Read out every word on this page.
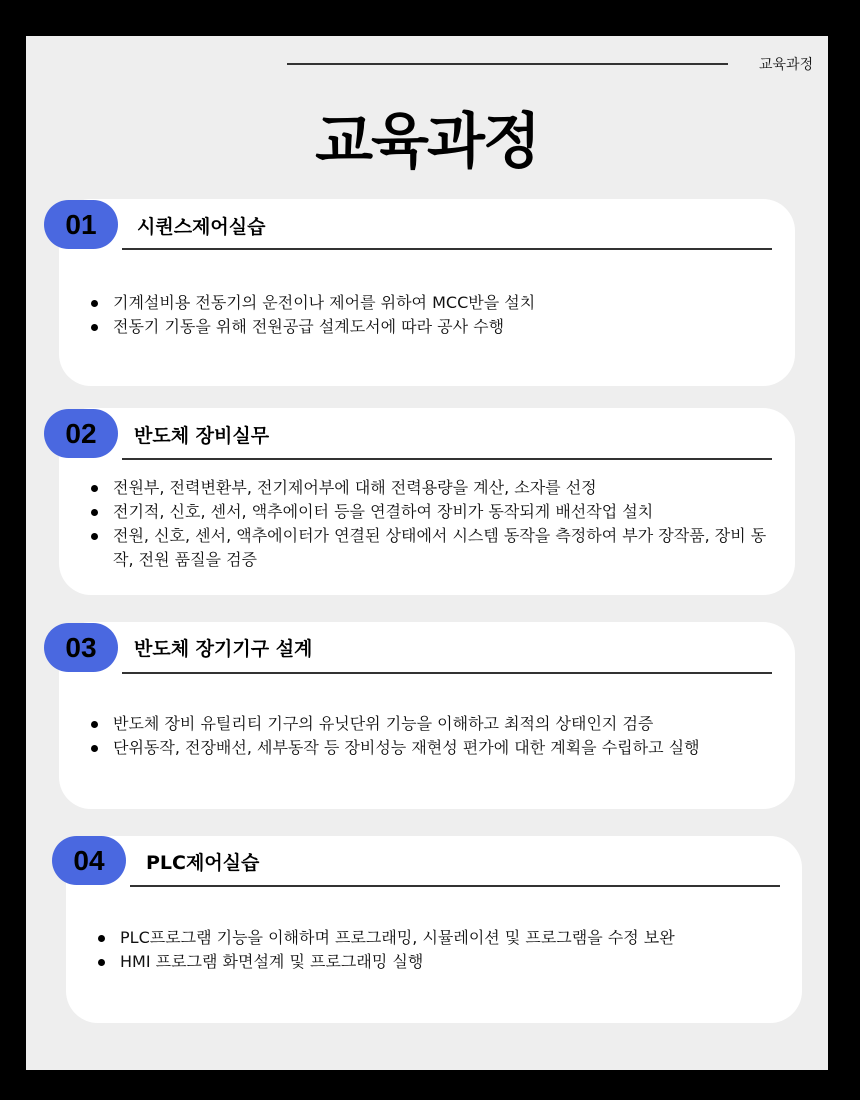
교육과정
교육과정
기계설비용 전동기의 운전이나 제어를 위하여 MCC반을 설치
전동기 기동을 위해 전원공급 설계도서에 따라 공사 수행
01	시퀀스제어실습
전원부, 전력변환부, 전기제어부에 대해 전력용량을 계산, 소자를 선정
전기적, 신호, 센서, 액추에이터 등을 연결하여 장비가 동작되게 배선작업 설치
전원, 신호, 센서, 액추에이터가 연결된 상태에서 시스템 동작을 측정하여 부가 장작품, 장비 동작, 전원 품질을 검증
02	반도체 장비실무
반도체 장비 유틸리티 기구의 유닛단위 기능을 이해하고 최적의 상태인지 검증
단위동작, 전장배선, 세부동작 등 장비성능 재현성 편가에 대한 계획을 수립하고 실행
03	반도체 장기기구 설계
PLC프로그램 기능을 이해하며 프로그래밍, 시뮬레이션 및 프로그램을 수정 보완
HMI 프로그램 화면설계 및 프로그래밍 실행
04	PLC제어실습
